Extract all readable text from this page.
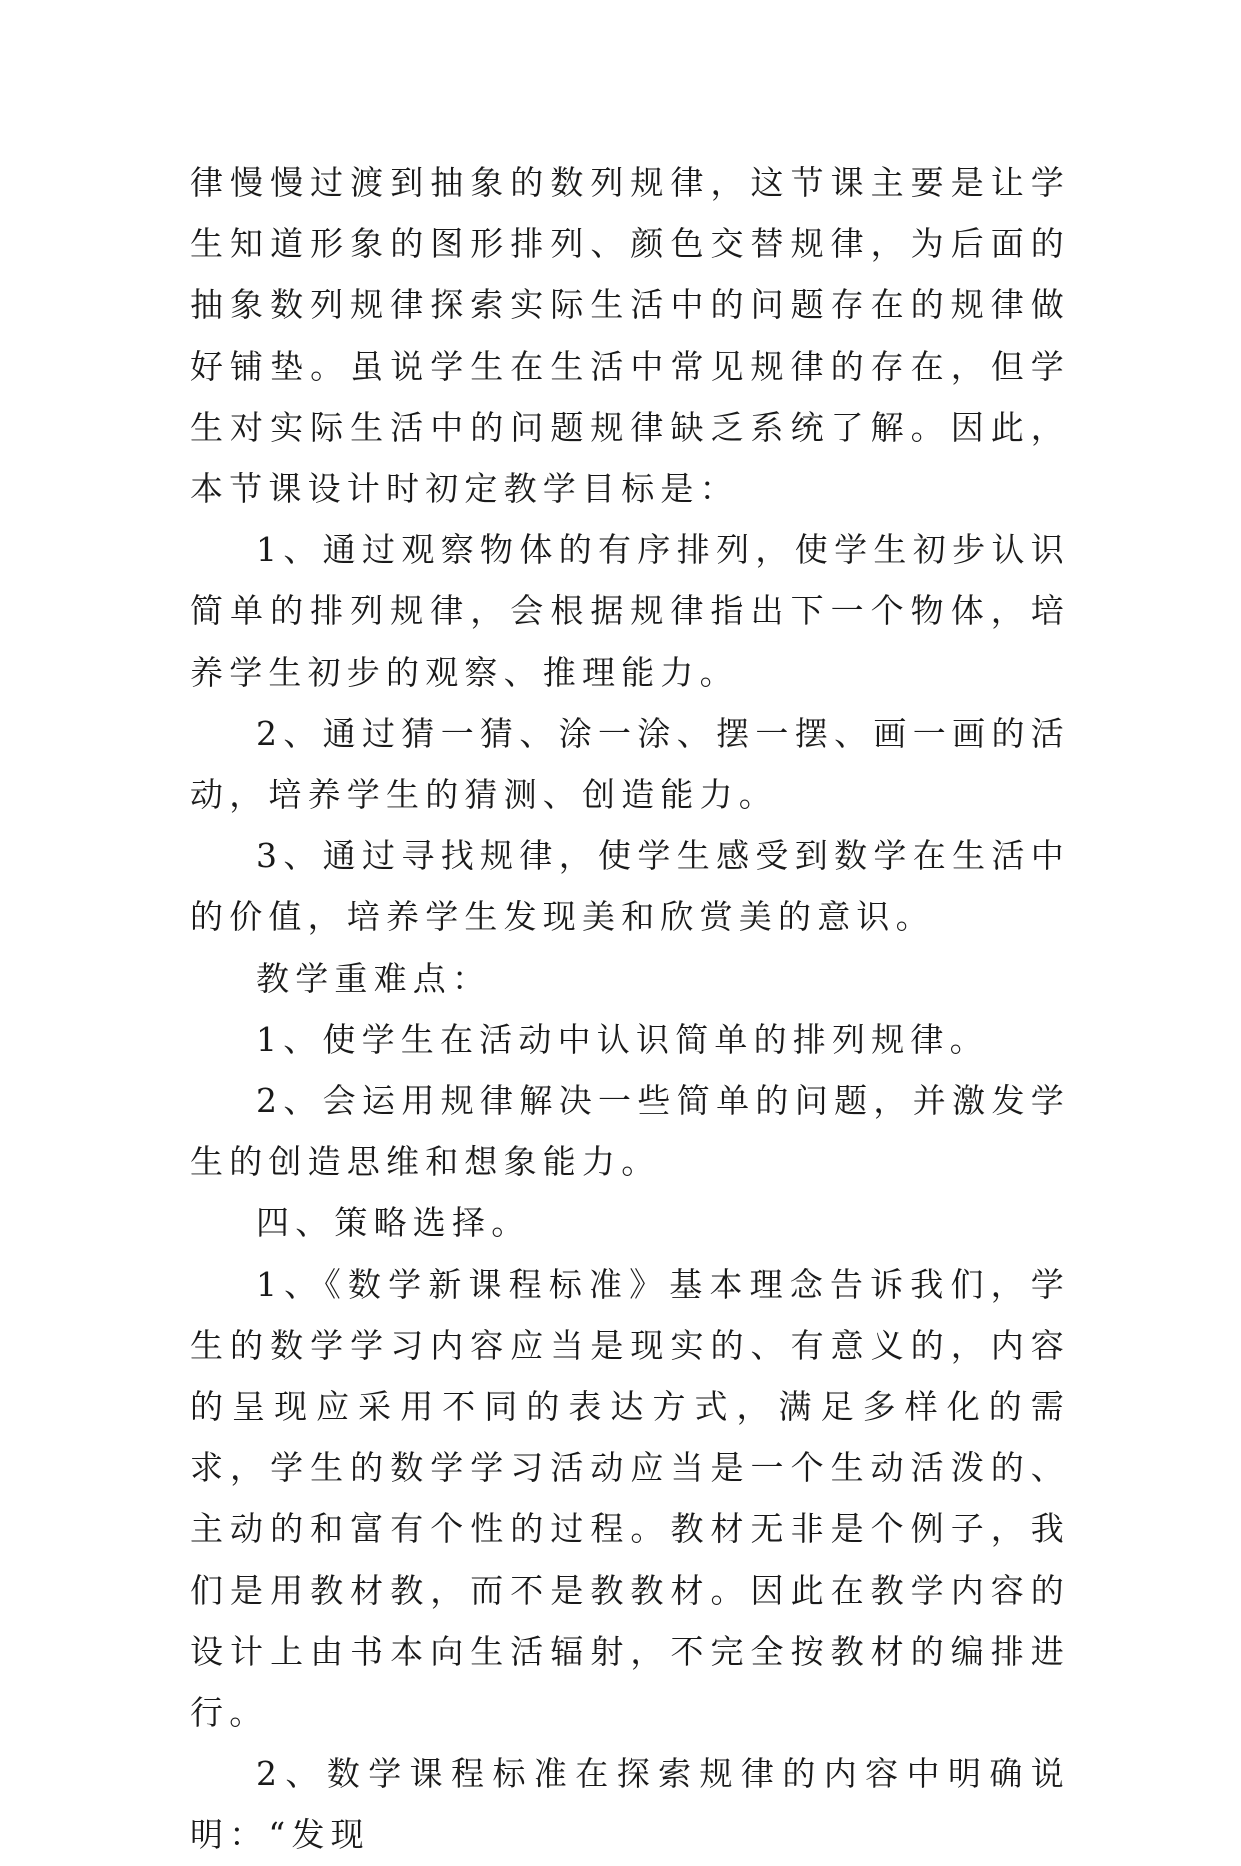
律慢慢过渡到抽象的数列规律，这节课主要是让学生知道形象的图形排列、颜色交替规律，为后面的抽象数列规律探索实际生活中的问题存在的规律做好铺垫。虽说学生在生活中常见规律的存在，但学生对实际生活中的问题规律缺乏系统了解。因此，本节课设计时初定教学目标是：

1、通过观察物体的有序排列，使学生初步认识简单的排列规律，会根据规律指出下一个物体，培养学生初步的观察、推理能力。

2、通过猜一猜、涂一涂、摆一摆、画一画的活动，培养学生的猜测、创造能力。

3、通过寻找规律，使学生感受到数学在生活中的价值，培养学生发现美和欣赏美的意识。

教学重难点：

1、使学生在活动中认识简单的排列规律。

2、会运用规律解决一些简单的问题，并激发学生的创造思维和想象能力。

四、策略选择。

1、《数学新课程标准》基本理念告诉我们，学生的数学学习内容应当是现实的、有意义的，内容的呈现应采用不同的表达方式，满足多样化的需求，学生的数学学习活动应当是一个生动活泼的、主动的和富有个性的过程。教材无非是个例子，我们是用教材教，而不是教教材。因此在教学内容的设计上由书本向生活辐射，不完全按教材的编排进行。

2、数学课程标准在探索规律的内容中明确说明：“发现
